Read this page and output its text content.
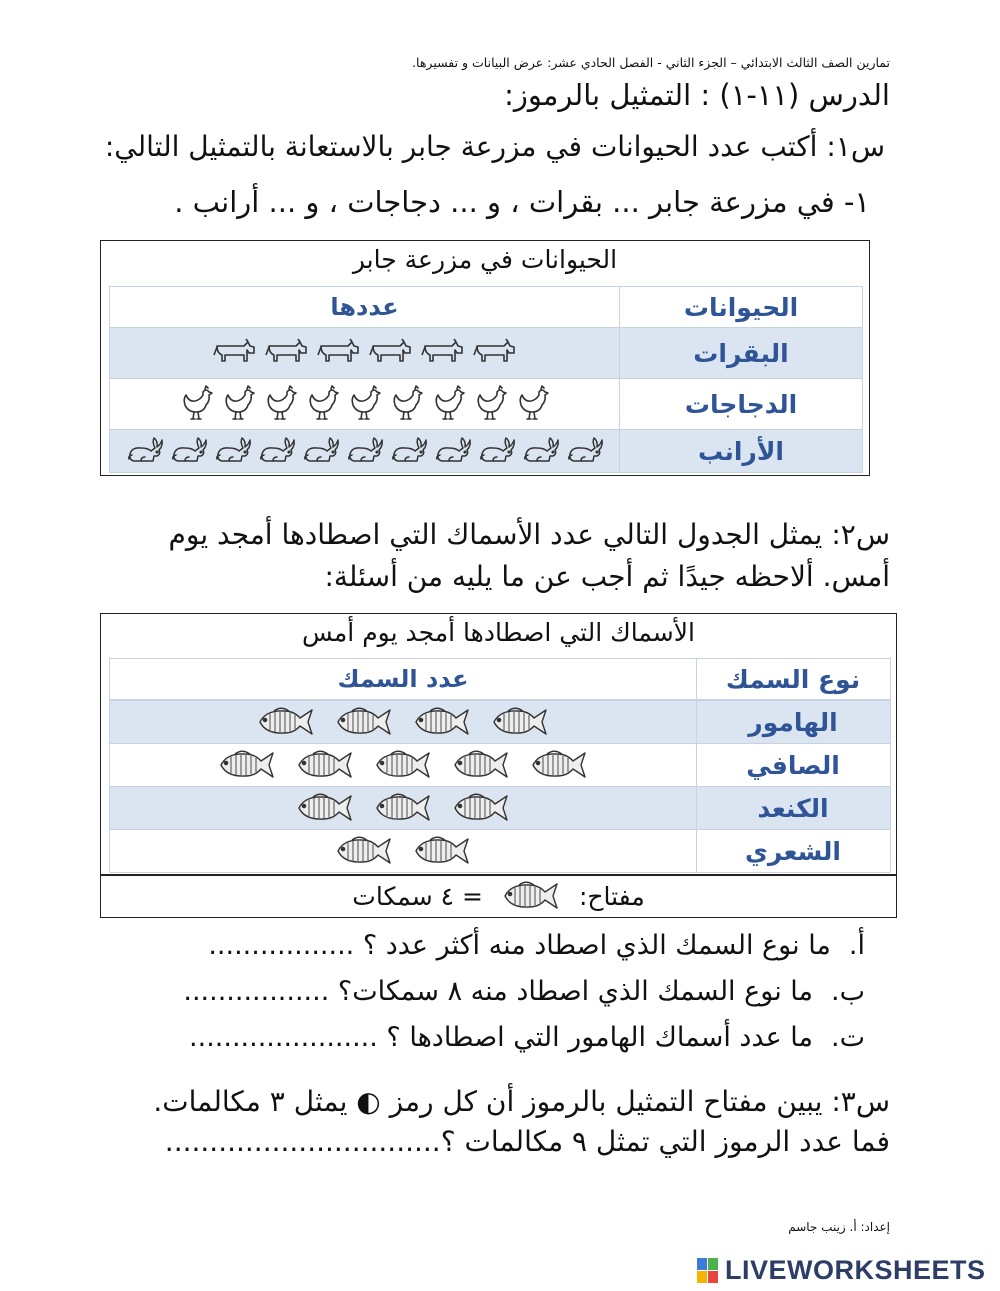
تمارين الصف الثالث الابتدائي – الجزء الثاني - الفصل الحادي عشر: عرض البيانات و تفسيرها.
الدرس (١١-١) : التمثيل بالرموز:
س١: أكتب عدد الحيوانات في مزرعة جابر بالاستعانة بالتمثيل التالي:
١- في مزرعة جابر ... بقرات ، و ... دجاجات ، و ... أرانب .
الحيوانات في مزرعة جابر
الحيوانات
عددها
البقرات
الدجاجات
الأرانب
س٢: يمثل الجدول التالي عدد الأسماك التي اصطادها أمجد يوم
أمس. ألاحظه جيدًا ثم أجب عن ما يليه من أسئلة:
الأسماك التي اصطادها أمجد يوم أمس
نوع السمك
عدد السمك
الهامور
الصافي
الكنعد
الشعري
مفتاح:
= ٤ سمكات
أ.
ما نوع السمك الذي اصطاد منه أكثر عدد ؟ .................
ب.
ما نوع السمك الذي اصطاد منه ٨ سمكات؟ .................
ت.
ما عدد أسماك الهامور التي اصطادها ؟ ......................
س٣: يبين مفتاح التمثيل بالرموز أن كل رمز ◐ يمثل ٣ مكالمات.
فما عدد الرموز التي تمثل ٩ مكالمات ؟...............................
إعداد: أ. زينب جاسم
LIVEWORKSHEETS
